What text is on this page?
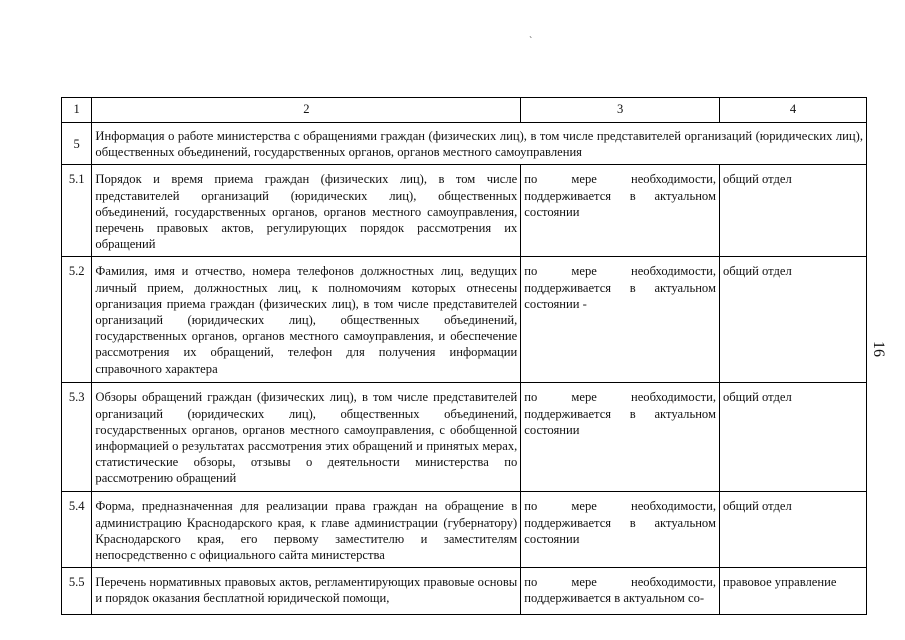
`
16
1	2	3	4
5	Информация о работе министерства с обращениями граждан (физических лиц), в том числе представителей организаций (юридических лиц), общественных объединений, государственных органов, органов местного самоуправления		
5.1	Порядок и время приема граждан (физических лиц), в том числе представителей организаций (юридических лиц), общественных объединений, государственных органов, органов местного самоуправления, перечень правовых актов, регулирующих порядок рассмотрения их обращений	по мере необходимости, поддерживается в актуальном состоянии	общий отдел
5.2	Фамилия, имя и отчество, номера телефонов должностных лиц, ведущих личный прием, должностных лиц, к полномочиям которых отнесены организация приема граждан (физических лиц), в том числе представителей организаций (юридических лиц), общественных объединений, государственных органов, органов местного самоуправления, и обеспечение рассмотрения их обращений, телефон для получения информации справочного характера	по мере необходимости, поддерживается в актуальном состоянии -	общий отдел
5.3	Обзоры обращений граждан (физических лиц), в том числе представителей организаций (юридических лиц), общественных объединений, государственных органов, органов местного самоуправления, с обобщенной информацией о результатах рассмотрения этих обращений и принятых мерах, статистические обзоры, отзывы о деятельности министерства по рассмотрению обращений	по мере необходимости, поддерживается в актуальном состоянии	общий отдел
5.4	Форма, предназначенная для реализации права граждан на обращение в администрацию Краснодарского края, к главе администрации (губернатору) Краснодарского края, его первому заместителю и заместителям непосредственно с официального сайта министерства	по мере необходимости, поддерживается в актуальном состоянии	общий отдел
5.5	Перечень нормативных правовых актов, регламентирующих правовые основы и порядок оказания бесплатной юридической помощи,	по мере необходимости, поддерживается в актуальном со-	правовое управление
